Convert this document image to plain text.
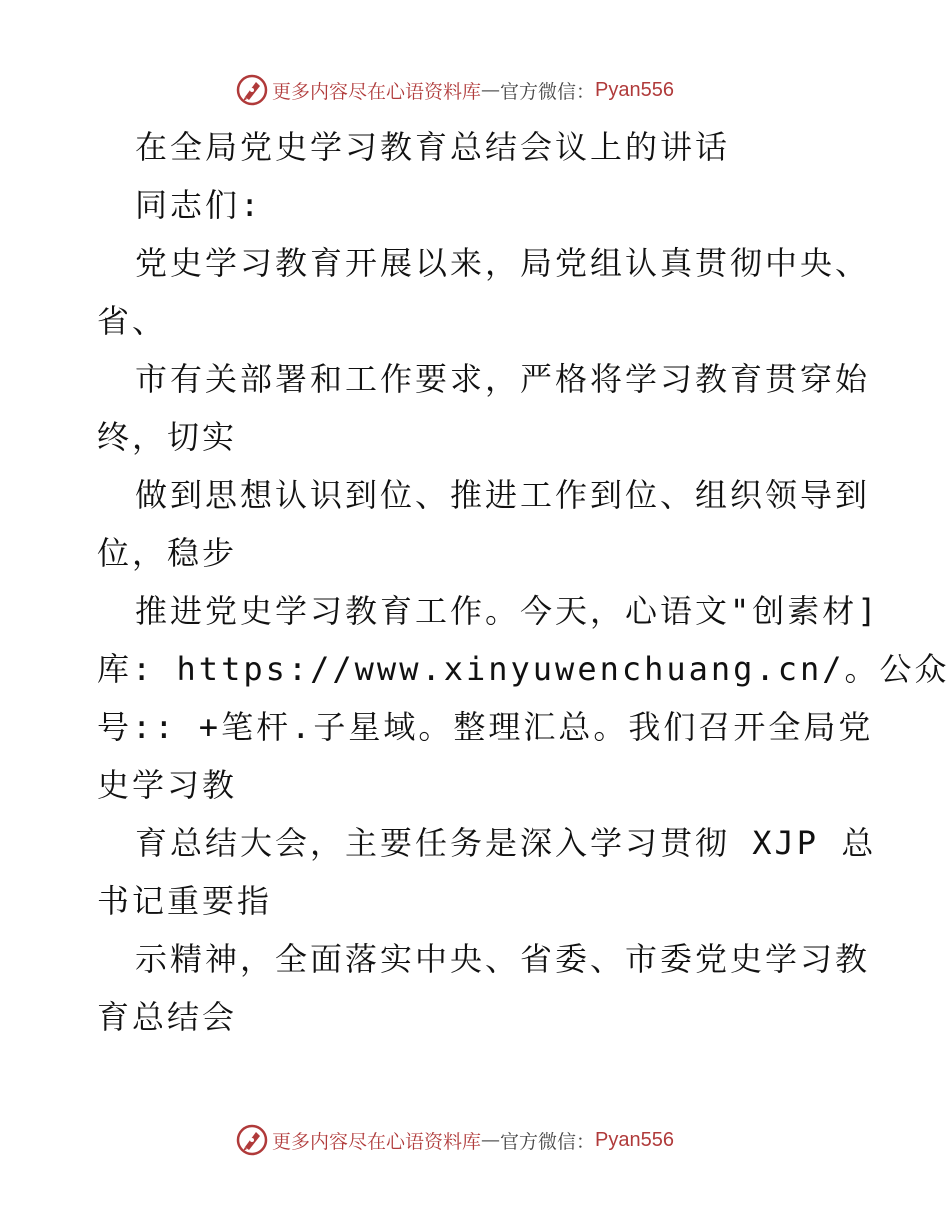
更多内容尽在心语资料库 — 官方微信： Pyan556
在全局党史学习教育总结会议上的讲话
同志们:
党史学习教育开展以来，局党组认真贯彻中央、
省、
市有关部署和工作要求，严格将学习教育贯穿始
终，切实
做到思想认识到位、推进工作到位、组织领导到
位，稳步
推进党史学习教育工作。今天，心语文"创素材]
库: https://www.xinyuwenchuang.cn/。公众
号:: +笔杆.子星域。整理汇总。我们召开全局党
史学习教
育总结大会，主要任务是深入学习贯彻 XJP 总
书记重要指
示精神，全面落实中央、省委、市委党史学习教
育总结会
更多内容尽在心语资料库 — 官方微信： Pyan556
